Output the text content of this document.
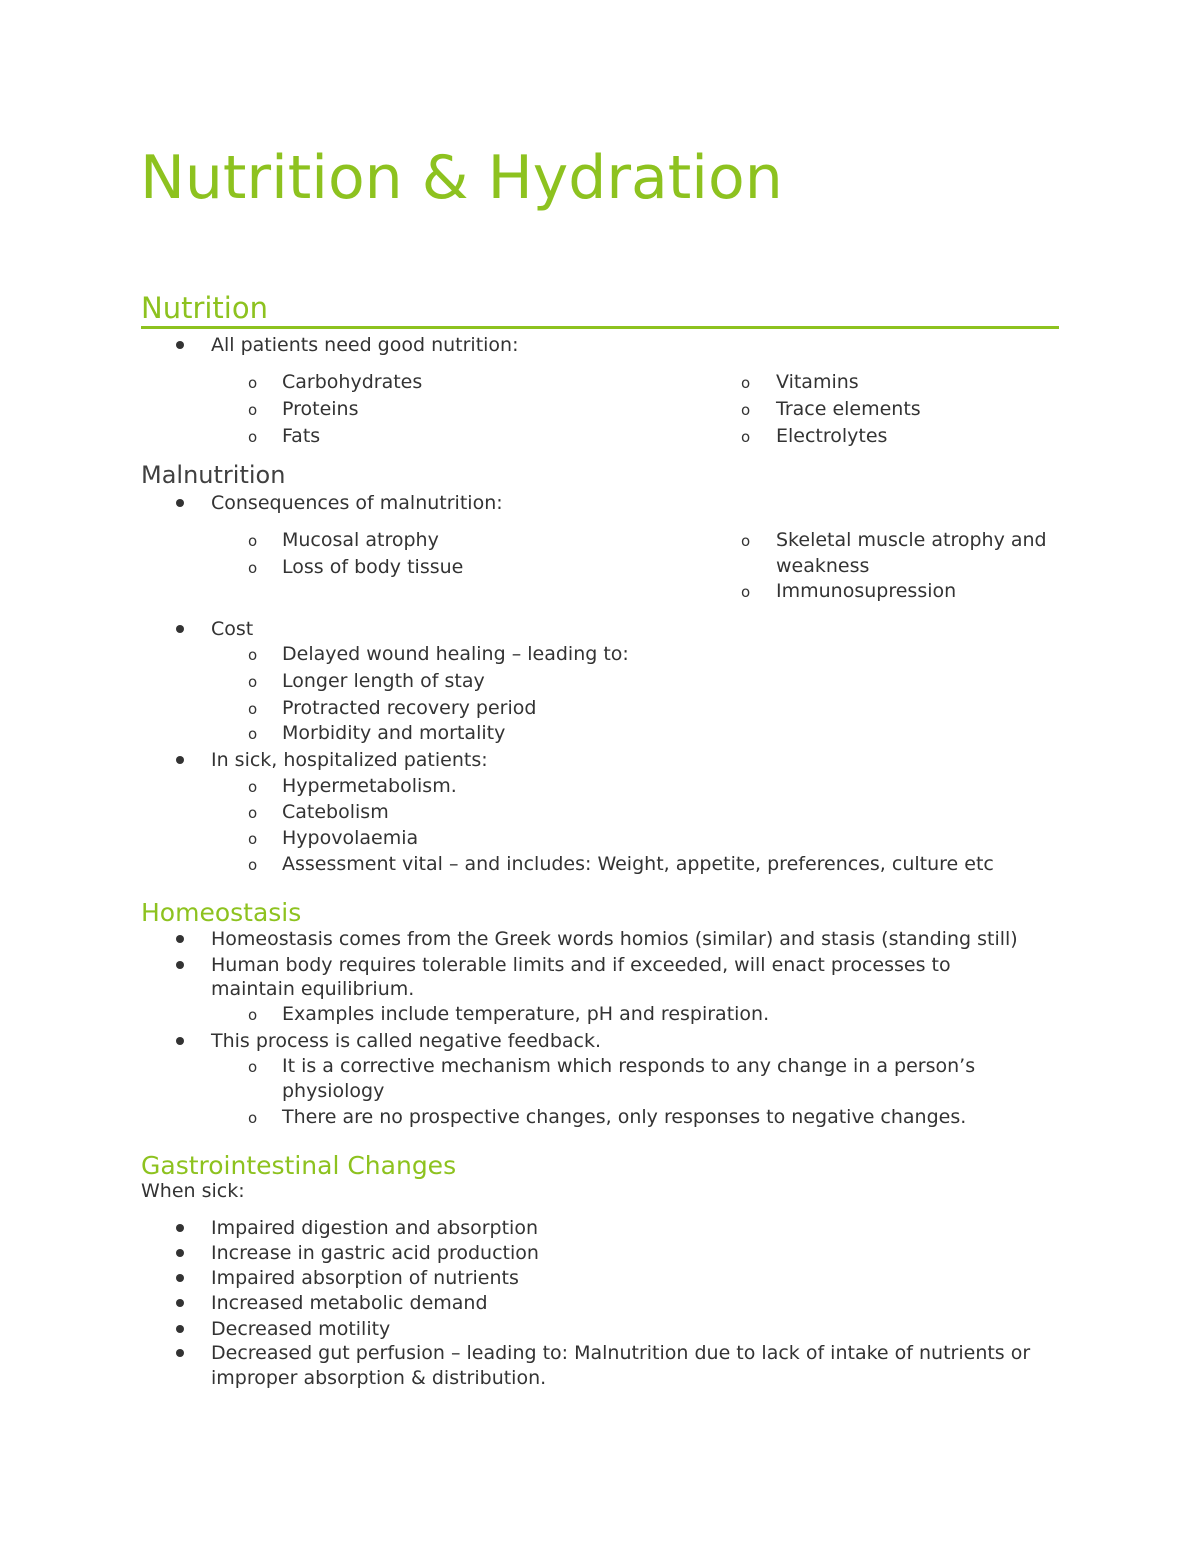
Nutrition & Hydration
Nutrition
All patients need good nutrition:
o Carbohydrates
o Proteins
o Fats
o Vitamins
o Trace elements
o Electrolytes
Malnutrition
Consequences of malnutrition:
o Mucosal atrophy
o Loss of body tissue
o Skeletal muscle atrophy and
weakness
o Immunosupression
Cost
o Delayed wound healing – leading to:
o Longer length of stay
o Protracted recovery period
o Morbidity and mortality
In sick, hospitalized patients:
o Hypermetabolism.
o Catebolism
o Hypovolaemia
o Assessment vital – and includes: Weight, appetite, preferences, culture etc
Homeostasis
Homeostasis comes from the Greek words homios (similar) and stasis (standing still)
Human body requires tolerable limits and if exceeded, will enact processes to
maintain equilibrium.
o Examples include temperature, pH and respiration.
This process is called negative feedback.
o It is a corrective mechanism which responds to any change in a person’s
physiology
o There are no prospective changes, only responses to negative changes.
Gastrointestinal Changes
When sick:
Impaired digestion and absorption
Increase in gastric acid production
Impaired absorption of nutrients
Increased metabolic demand
Decreased motility
Decreased gut perfusion – leading to: Malnutrition due to lack of intake of nutrients or
improper absorption & distribution.
